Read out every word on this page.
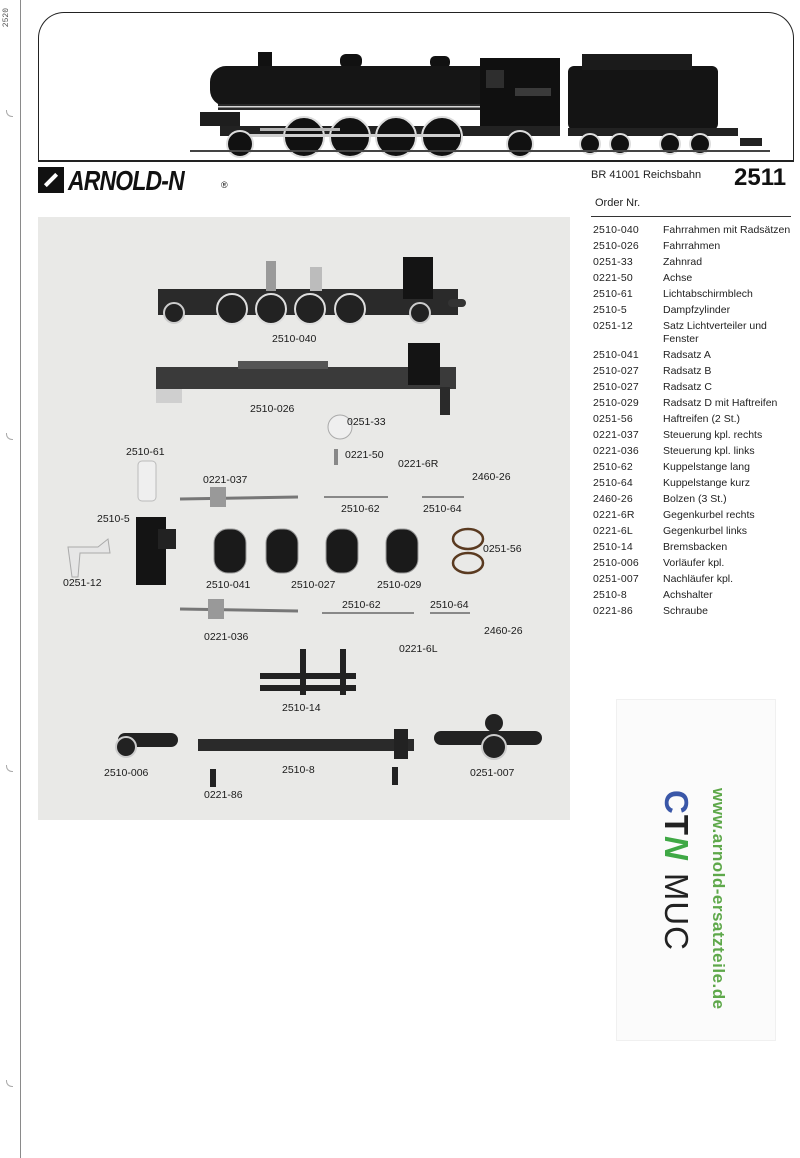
2520
ARNOLD-N	®
BR 41001 Reichsbahn 2511
Order Nr.
2510-040	Fahrrahmen mit Radsätzen
2510-026	Fahrrahmen
0251-33	Zahnrad
0221-50	Achse
2510-61	Lichtabschirmblech
2510-5	Dampfzylinder
0251-12	Satz Lichtverteiler und Fenster
2510-041	Radsatz A
2510-027	Radsatz B
2510-027	Radsatz C
2510-029	Radsatz D mit Haftreifen
0251-56	Haftreifen (2 St.)
0221-037	Steuerung kpl. rechts
0221-036	Steuerung kpl. links
2510-62	Kuppelstange lang
2510-64	Kuppelstange kurz
2460-26	Bolzen (3 St.)
0221-6R	Gegenkurbel rechts
0221-6L	Gegenkurbel links
2510-14	Bremsbacken
2510-006	Vorläufer kpl.
0251-007	Nachläufer kpl.
2510-8	Achshalter
0221-86	Schraube
2510-040
2510-026
0251-33
2510-61	0221-50
0221-6R
2460-26
0221-037
2510-62	2510-64
2510-5
0251-56
0251-12	2510-041	2510-027	2510-029
2510-62	2510-64
2460-26
0221-036
0221-6L
2510-14
2510-006	2510-8	0251-007
0221-86	CTNMUC www.arnold-ersatzteile.de
